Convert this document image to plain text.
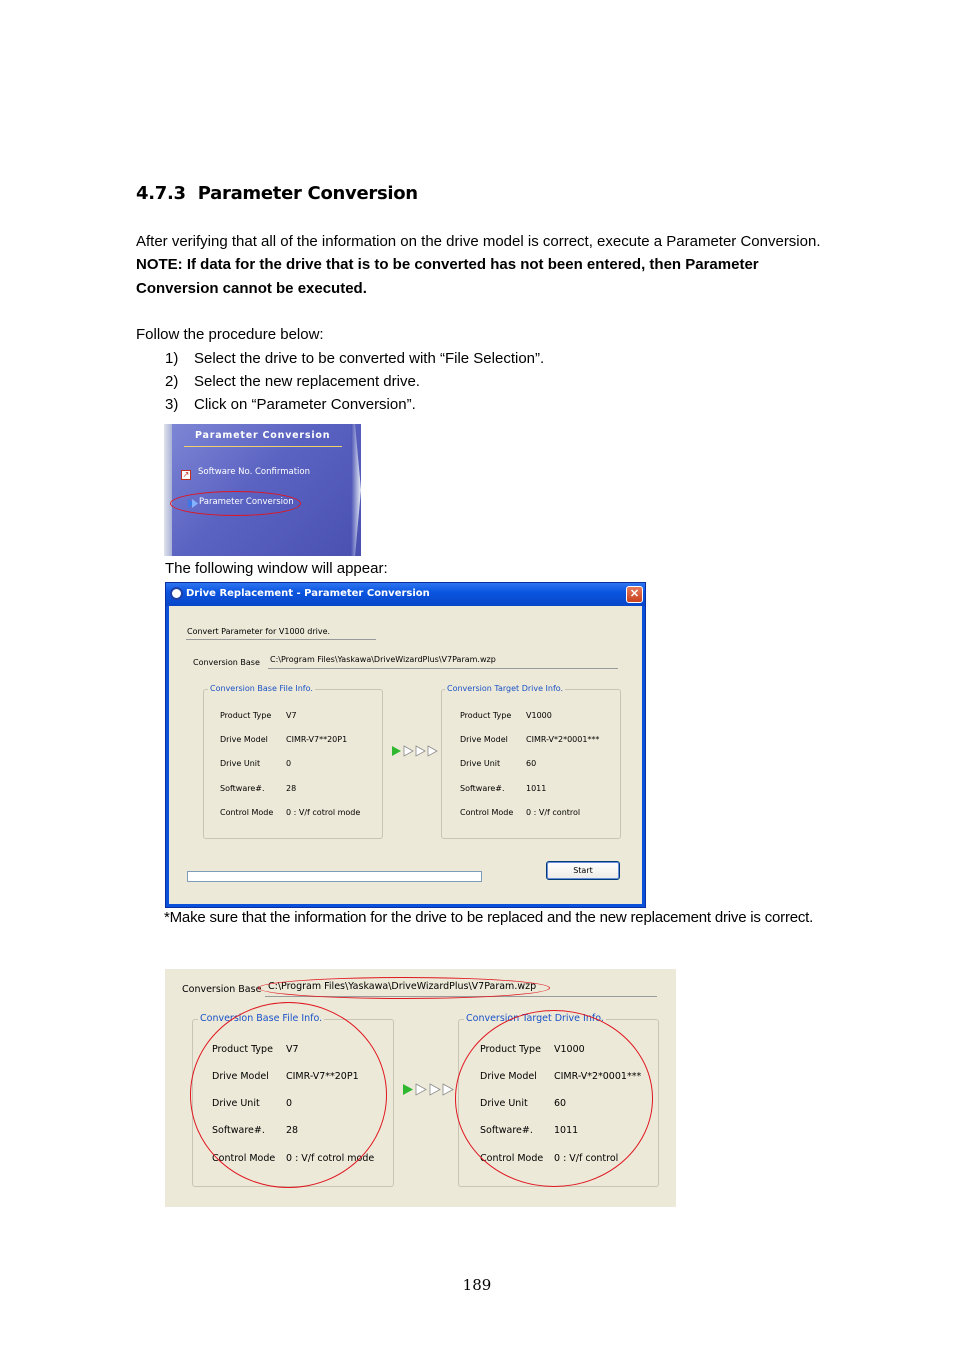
4.7.3 Parameter Conversion
After verifying that all of the information on the drive model is correct, execute a Parameter Conversion.
NOTE: If data for the drive that is to be converted has not been entered, then Parameter
Conversion cannot be executed.
Follow the procedure below:
1) Select the drive to be converted with “File Selection”.
2) Select the new replacement drive.
3) Click on “Parameter Conversion”.
Parameter Conversion
↗ Software No. Confirmation
Parameter Conversion
The following window will appear:
Drive Replacement - Parameter Conversion	✕
Convert Parameter for V1000 drive.
Conversion Base C:\Program Files\Yaskawa\DriveWizardPlus\V7Param.wzp
Conversion Base File Info.
Product Type
Drive Model
Drive Unit
Software#.
Control Mode
V7
CIMR-V7**20P1
0
28
0 : V/f cotrol mode
Conversion Target Drive Info.
Product Type
Drive Model
Drive Unit
Software#.
Control Mode
V1000
CIMR-V*2*0001***
60
1011
0 : V/f control
Start
*Make sure that the information for the drive to be replaced and the new replacement drive is correct.
Conversion Base C:\Program Files\Yaskawa\DriveWizardPlus\V7Param.wzp
Conversion Base File Info.
Product Type
Drive Model
Drive Unit
Software#.
Control Mode
V7
CIMR-V7**20P1
0
28
0 : V/f cotrol mode
Conversion Target Drive Info.
Product Type
Drive Model
Drive Unit
Software#.
Control Mode
V1000
CIMR-V*2*0001***
60
1011
0 : V/f control
189
